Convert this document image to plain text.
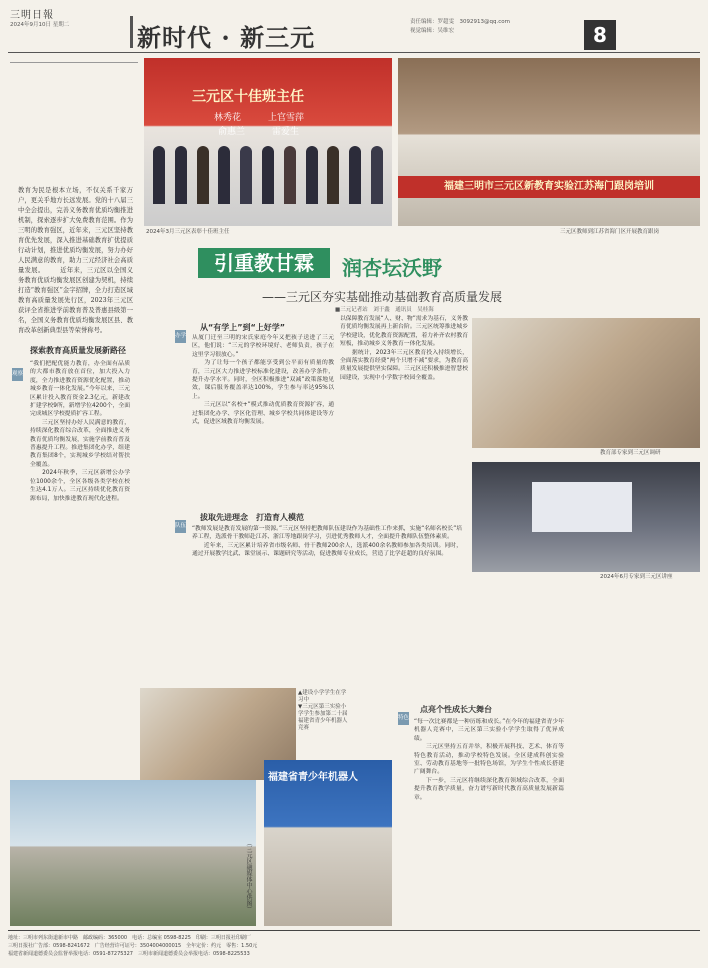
三明日報
2024年9月10日 星期二	新时代 · 新三元
责任编辑：罗超雯　3092913@qq.com
视觉编辑：吴维宏	8
三元区十佳班主任
林秀花　　　上官雪萍
俞惠兰　　　雷爱生
2024年3月三元区表彰十佳班主任
福建三明市三元区新教育实验江苏海门跟岗培训
三元区教师到江苏省海门区开展教育跟岗
教育为民是根本立场，不仅关系千家万户，更关乎地方长远发展。党的十八届三中全会提出，完善义务教育优质均衡推进机制，探索逐步扩大免费教育范围。作为三明的教育强区，近年来，三元区坚持教育优先发展，深入推进基础教育扩优提质行动计划，推进优质均衡发展，努力办好人民满意的教育，助力三元经济社会高质量发展。 　　近年来，三元区以全国义务教育优质均衡发展区创建为契机，持续打造“教育强区”金字招牌，全力打造区域教育高质量发展先行区，2023年三元区获评全省推进学前教育普及普惠县级第一名，全国义务教育优质均衡发展区县、教育改革创新典型县等荣誉称号。
引重教甘霖	润杏坛沃野
——三元区夯实基础推动基础教育高质量发展
■三元记者站　刘于鑫　通讯员　吴桂海
观察
探索教育高质量发展新路径
“我们把配优能力教育，办全面有品质的大都市教育放在首位，加大投入力度，全力推进教育资源优化配置，推动城乡教育一体化发展。”今年以来，三元区累计投入教育资金2.3亿元，新建改扩建学校9所，新增学位4200个，全面完成城区学校提质扩容工程。
　　三元区坚持办好人民满意的教育，持续深化教育综合改革，全面推进义务教育优质均衡发展，实施学前教育普及普惠提升工程。推进集团化办学，组建教育集团8个，实现城乡学校结对帮扶全覆盖。
　　2024年秋季，三元区新增公办学位1000余个，全区各级各类学校在校生达4.1万人。三元区持续优化教育资源布局，加快推进教育现代化进程。
办学
从“有学上”到“上好学”
从厦门迁至三明的宋氏家庭今年又把孩子送进了三元区，他们说：“三元的学校环境好、老师负责，孩子在这里学习很放心。”
　　为了让每一个孩子都能享受到公平而有质量的教育，三元区大力推进学校标准化建设，改善办学条件，提升办学水平。同时，全区积极推进“双减”政策落地见效，课后服务覆盖率达100%，学生参与率达95%以上。
　　三元区以“名校+”模式推动优质教育资源扩容，通过集团化办学、学区化管理、城乡学校共同体建设等方式，促进区域教育均衡发展。
以保障教育发展“人、财、物”需求为基石，义务教育优质均衡发展再上新台阶。三元区统筹推进城乡学校建设，优化教育资源配置，着力补齐农村教育短板，推动城乡义务教育一体化发展。
　　据统计，2023年三元区教育投入持续增长，全面落实教育经费“两个只增不减”要求，为教育高质量发展提供坚实保障。三元区还积极推进智慧校园建设，实现中小学数字校园全覆盖。
教育部专家到三元区调研
2024年6月专家到三元区讲座
队伍
拔取先进理念　打造育人模范
“教师发展是教育发展的第一资源。”三元区坚持把教师队伍建设作为基础性工作来抓，实施“名师名校长”培养工程，选派骨干教师赴江苏、浙江等地跟岗学习，引进优秀教师人才，全面提升教师队伍整体素质。
　　近年来，三元区累计培养省市级名师、骨干教师200余人，选派400余名教师参加各类培训。同时，通过开展教学比武、课堂展示、课题研究等活动，促进教师专业成长，营造了比学赶超的良好氛围。
▲建设小学学生在学习中
▼三元区第三实验小学学生参加第二十届福建省青少年机器人竞赛
（三元区融媒体中心供图）
福建省青少年机器人
特色
点亮个性成长大舞台
“每一次比赛都是一种历练和成长。”在今年的福建省青少年机器人竞赛中，三元区第三实验小学学生取得了优异成绩。
　　三元区坚持五育并举，积极开展科技、艺术、体育等特色教育活动，推动学校特色发展。全区建成科创实验室、劳动教育基地等一批特色场馆，为学生个性成长搭建广阔舞台。
　　下一步，三元区将继续深化教育领域综合改革，全面提升教育教学质量，奋力谱写新时代教育高质量发展新篇章。
地址：三明市列东街道新市中路　邮政编码：365000　电话：总编室 0598-8225　印刷：三明日报社印刷厂
三明日报社广告部：0598-8241672　广告经营许可证号：3504004000015　全年定价：约元　零售：1.50元
福建省新闻道德委员会监督举报电话：0591-87275327　三明市新闻道德委员会举报电话：0598-8225533
